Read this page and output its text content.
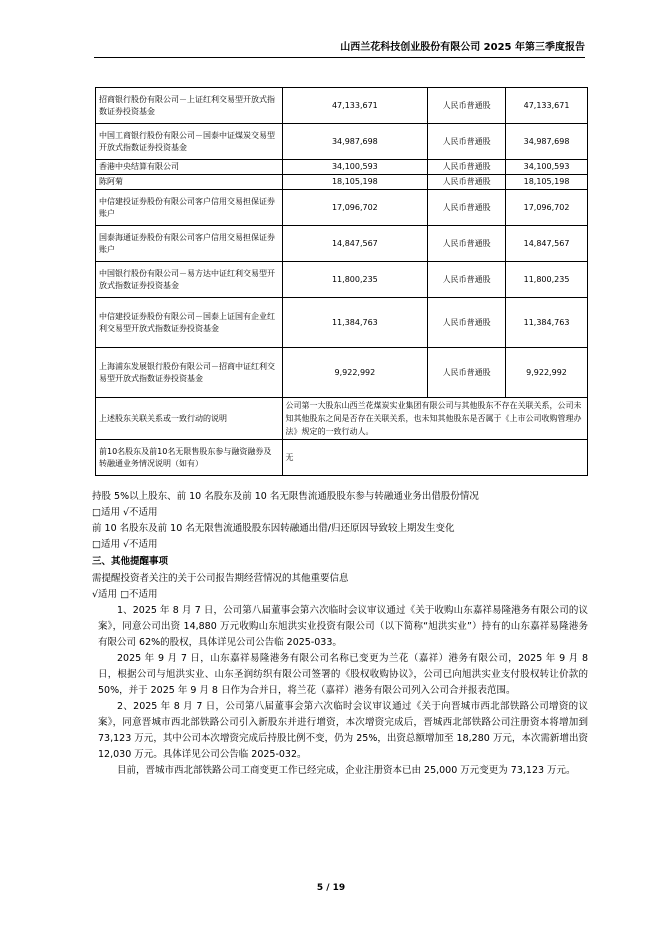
山西兰花科技创业股份有限公司 2025 年第三季度报告
招商银行股份有限公司－上证红利交易型开放式指数证券投资基金	47,133,671	人民币普通股	47,133,671
中国工商银行股份有限公司－国泰中证煤炭交易型开放式指数证券投资基金	34,987,698	人民币普通股	34,987,698
香港中央结算有限公司	34,100,593	人民币普通股	34,100,593
陈阿菊	18,105,198	人民币普通股	18,105,198
中信建投证券股份有限公司客户信用交易担保证券账户	17,096,702	人民币普通股	17,096,702
国泰海通证券股份有限公司客户信用交易担保证券账户	14,847,567	人民币普通股	14,847,567
中国银行股份有限公司－易方达中证红利交易型开放式指数证券投资基金	11,800,235	人民币普通股	11,800,235
中信建投证券股份有限公司－国泰上证国有企业红利交易型开放式指数证券投资基金	11,384,763	人民币普通股	11,384,763
上海浦东发展银行股份有限公司－招商中证红利交易型开放式指数证券投资基金	9,922,992	人民币普通股	9,922,992
上述股东关联关系或一致行动的说明	公司第一大股东山西兰花煤炭实业集团有限公司与其他股东不存在关联关系，公司未知其他股东之间是否存在关联关系，也未知其他股东是否属于《上市公司收购管理办法》规定的一致行动人。		
前10名股东及前10名无限售股东参与融资融券及转融通业务情况说明（如有）	无		
持股 5%以上股东、前 10 名股东及前 10 名无限售流通股股东参与转融通业务出借股份情况
□适用 √不适用
前 10 名股东及前 10 名无限售流通股股东因转融通出借/归还原因导致较上期发生变化
□适用 √不适用
三、其他提醒事项
需提醒投资者关注的关于公司报告期经营情况的其他重要信息
√适用 □不适用
1、2025 年 8 月 7 日，公司第八届董事会第六次临时会议审议通过《关于收购山东嘉祥易隆港务有限公司的议案》，同意公司出资 14,880 万元收购山东旭洪实业投资有限公司（以下简称“旭洪实业”）持有的山东嘉祥易隆港务有限公司 62%的股权，具体详见公司公告临 2025-033。
2025 年 9 月 7 日，山东嘉祥易隆港务有限公司名称已变更为兰花（嘉祥）港务有限公司，2025 年 9 月 8 日，根据公司与旭洪实业、山东圣润纺织有限公司签署的《股权收购协议》，公司已向旭洪实业支付股权转让价款的 50%，并于 2025 年 9 月 8 日作为合并日，将兰花（嘉祥）港务有限公司列入公司合并报表范围。
2、2025 年 8 月 7 日，公司第八届董事会第六次临时会议审议通过《关于向晋城市西北部铁路公司增资的议案》，同意晋城市西北部铁路公司引入新股东并进行增资，本次增资完成后，晋城西北部铁路公司注册资本将增加到 73,123 万元，其中公司本次增资完成后持股比例不变，仍为 25%，出资总额增加至 18,280 万元，本次需新增出资 12,030 万元。具体详见公司公告临 2025-032。
目前，晋城市西北部铁路公司工商变更工作已经完成，企业注册资本已由 25,000 万元变更为 73,123 万元。
5 / 19
